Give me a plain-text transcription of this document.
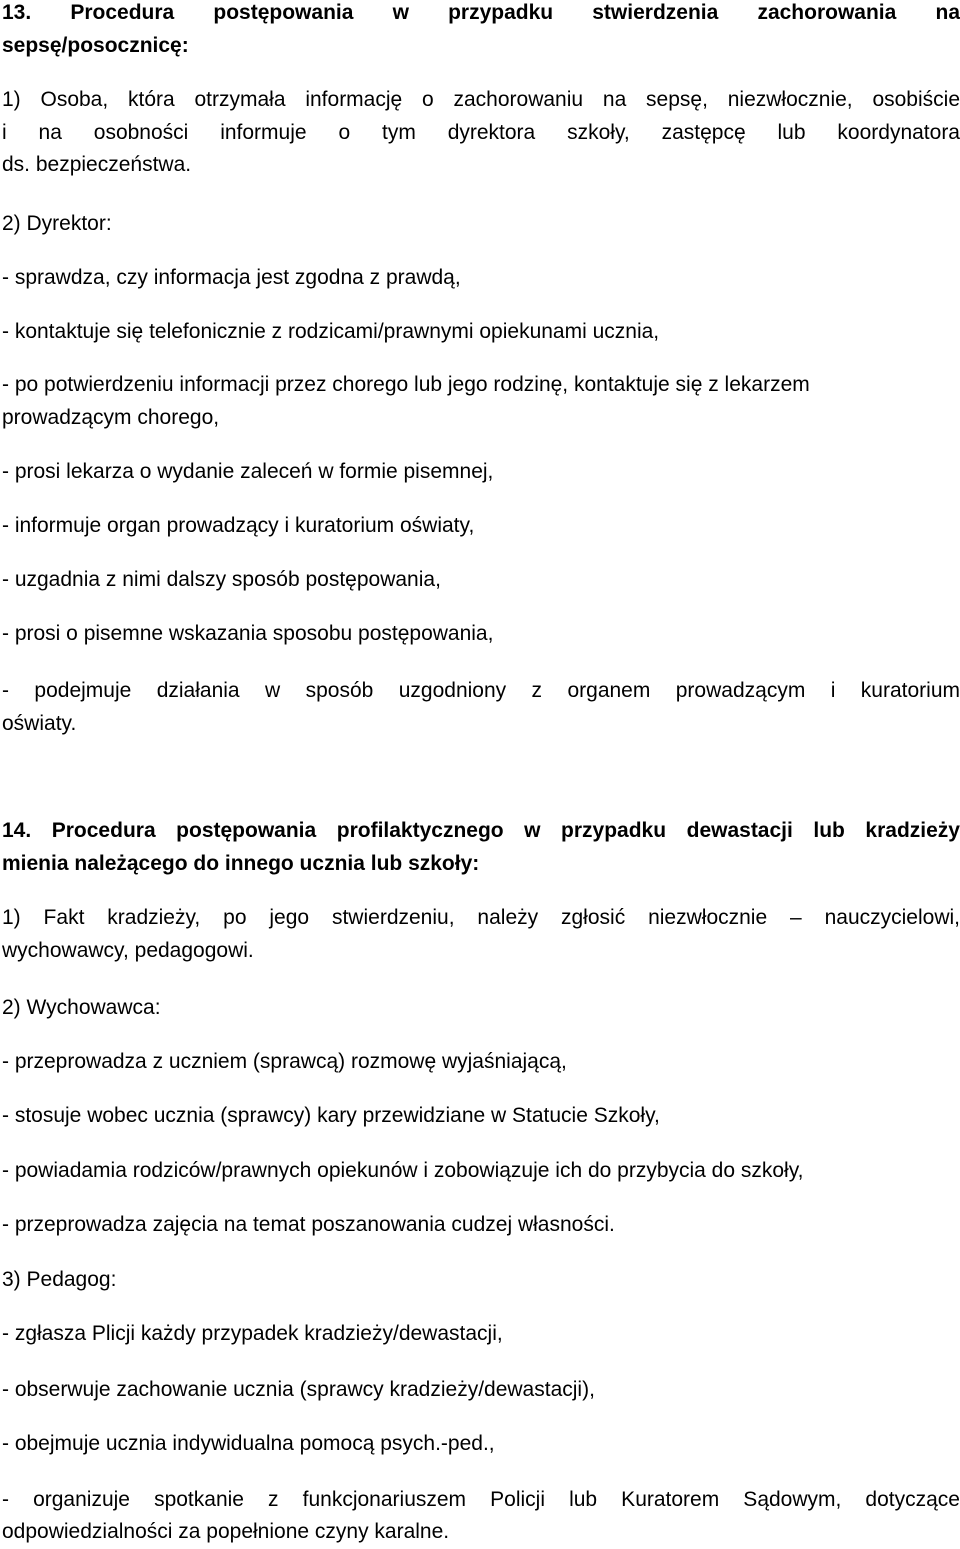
13. Procedura postępowania w przypadku stwierdzenia zachorowania na
sepsę/posocznicę:
1) Osoba, która otrzymała informację o zachorowaniu na sepsę, niezwłocznie, osobiście
i na osobności informuje o tym dyrektora szkoły, zastępcę lub koordynatora
ds. bezpieczeństwa.
2) Dyrektor:
- sprawdza, czy informacja jest zgodna z prawdą,
- kontaktuje się telefonicznie z rodzicami/prawnymi opiekunami ucznia,
- po potwierdzeniu informacji przez chorego lub jego rodzinę, kontaktuje się z lekarzem
prowadzącym chorego,
- prosi lekarza o wydanie zaleceń w formie pisemnej,
- informuje organ prowadzący i kuratorium oświaty,
- uzgadnia z nimi dalszy sposób postępowania,
- prosi o pisemne wskazania sposobu postępowania,
- podejmuje działania w sposób uzgodniony z organem prowadzącym i kuratorium
oświaty.
14. Procedura postępowania profilaktycznego w przypadku dewastacji lub kradzieży
mienia należącego do innego ucznia lub szkoły:
1) Fakt kradzieży, po jego stwierdzeniu, należy zgłosić niezwłocznie – nauczycielowi,
wychowawcy, pedagogowi.
2) Wychowawca:
- przeprowadza z uczniem (sprawcą) rozmowę wyjaśniającą,
- stosuje wobec ucznia (sprawcy) kary przewidziane w Statucie Szkoły,
- powiadamia rodziców/prawnych opiekunów i zobowiązuje ich do przybycia do szkoły,
- przeprowadza zajęcia na temat poszanowania cudzej własności.
3) Pedagog:
- zgłasza Plicji każdy przypadek kradzieży/dewastacji,
- obserwuje zachowanie ucznia (sprawcy kradzieży/dewastacji),
- obejmuje ucznia indywidualna pomocą psych.-ped.,
- organizuje spotkanie z funkcjonariuszem Policji lub Kuratorem Sądowym, dotyczące
odpowiedzialności za popełnione czyny karalne.
